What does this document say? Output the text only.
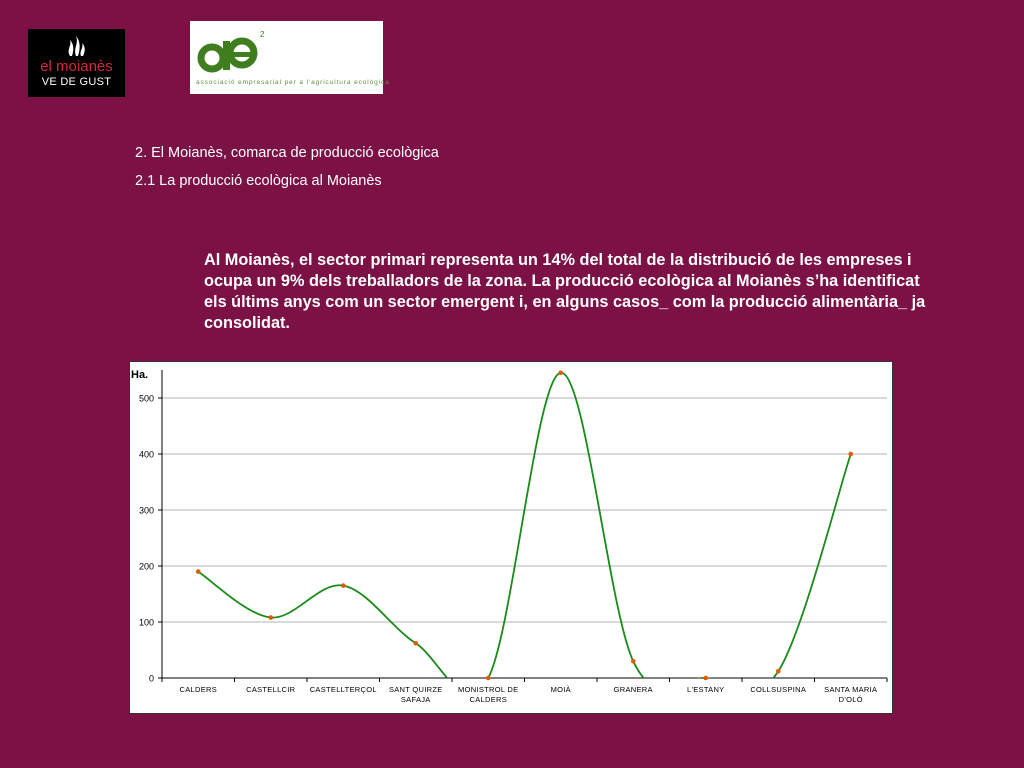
el moianès
VE DE GUST
2
associació empresarial per a l'agricultura ecològica
2. El Moianès, comarca de producció ecològica
2.1 La producció ecològica al Moianès
Al Moianès, el sector primari representa un 14% del total de la distribució de les empreses i ocupa un 9% dels treballadors de la zona. La producció ecològica al Moianès s’ha identificat els últims anys com un sector emergent i, en alguns casos_ com la producció alimentària_ ja consolidat.
0
100
200
300
400
500
Ha.
CALDERS	CASTELLCIR CASTELLTERÇOL SANT QUIRZE
SAFAJA
MONISTROL DE
CALDERS
MOIÀ	GRANERA	L'ESTANY	COLLSUSPINA SANTA MARIA
D'OLÓ
